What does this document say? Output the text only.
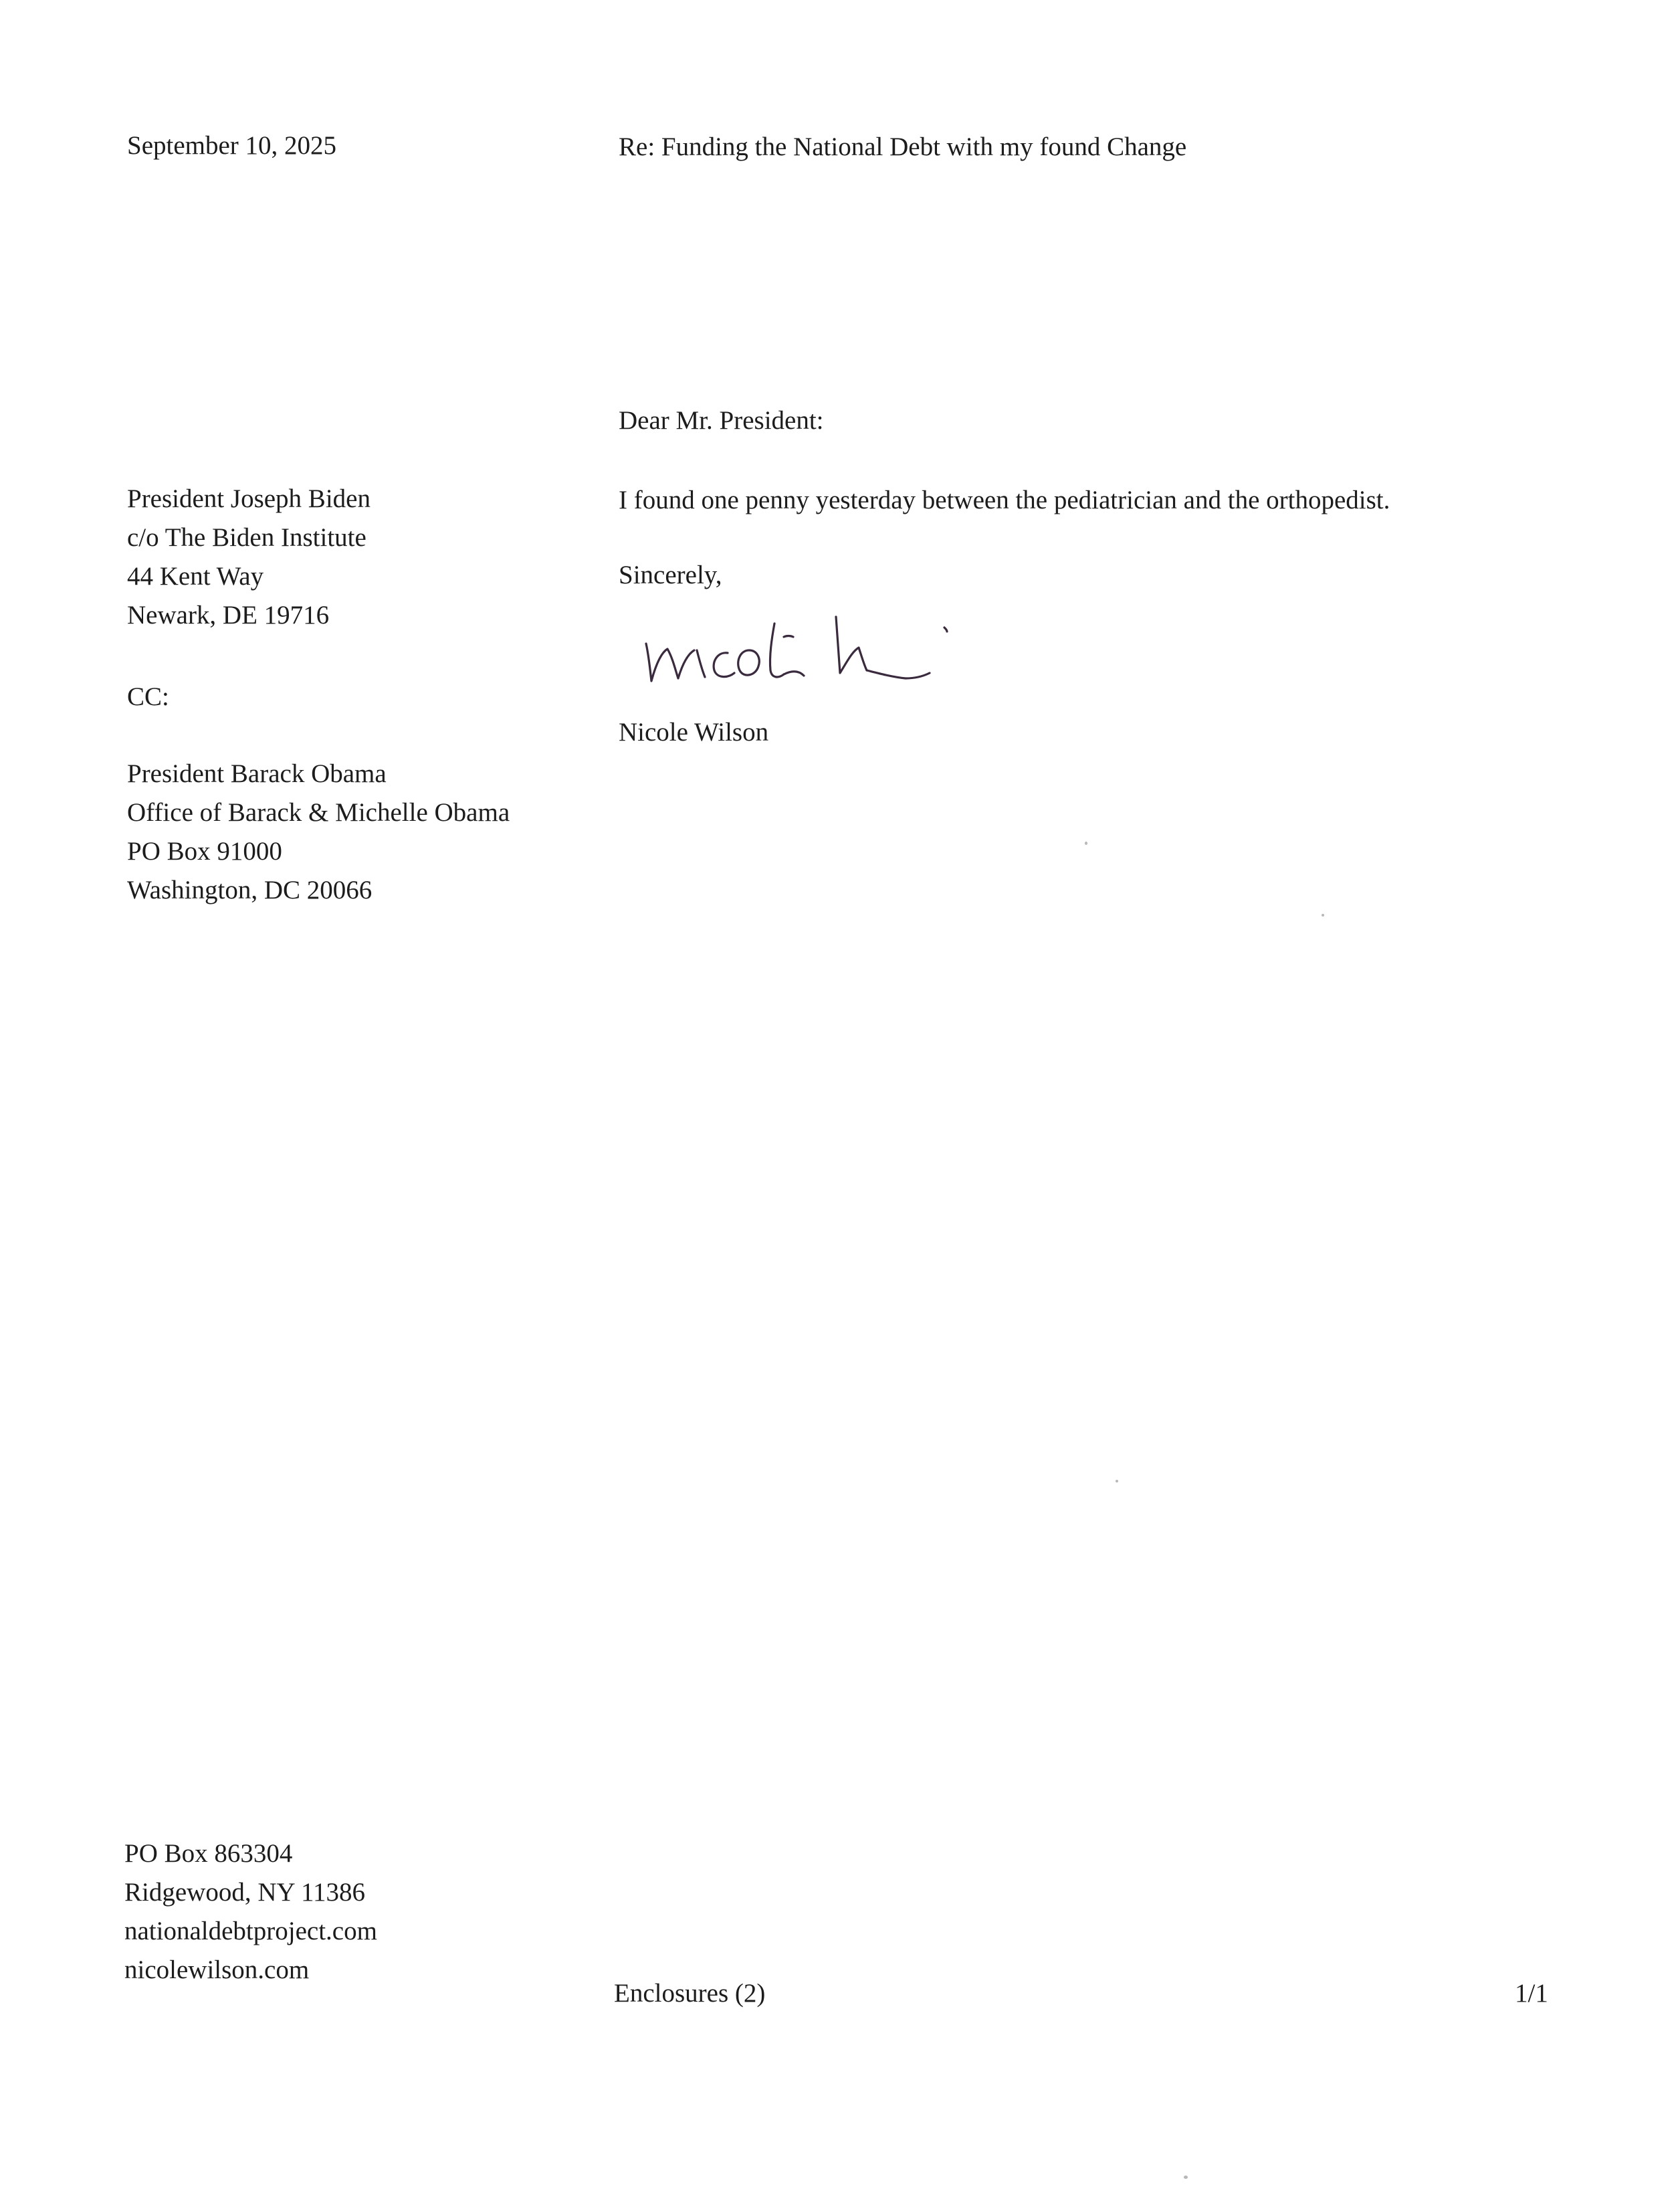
September 10, 2025	Re: Funding the National Debt with my found Change

Dear Mr. President:

President Joseph Biden

c/o The Biden Institute

44 Kent Way

Newark, DE 19716

CC:

President Barack Obama

Office of Barack & Michelle Obama

PO Box 91000

Washington, DC 20066

I found one penny yesterday between the pediatrician and the orthopedist.

Sincerely,

Nicole Wilson

PO Box 863304

Ridgewood, NY 11386

nationaldebtproject.com

nicolewilson.com

Enclosures (2)	1/1
